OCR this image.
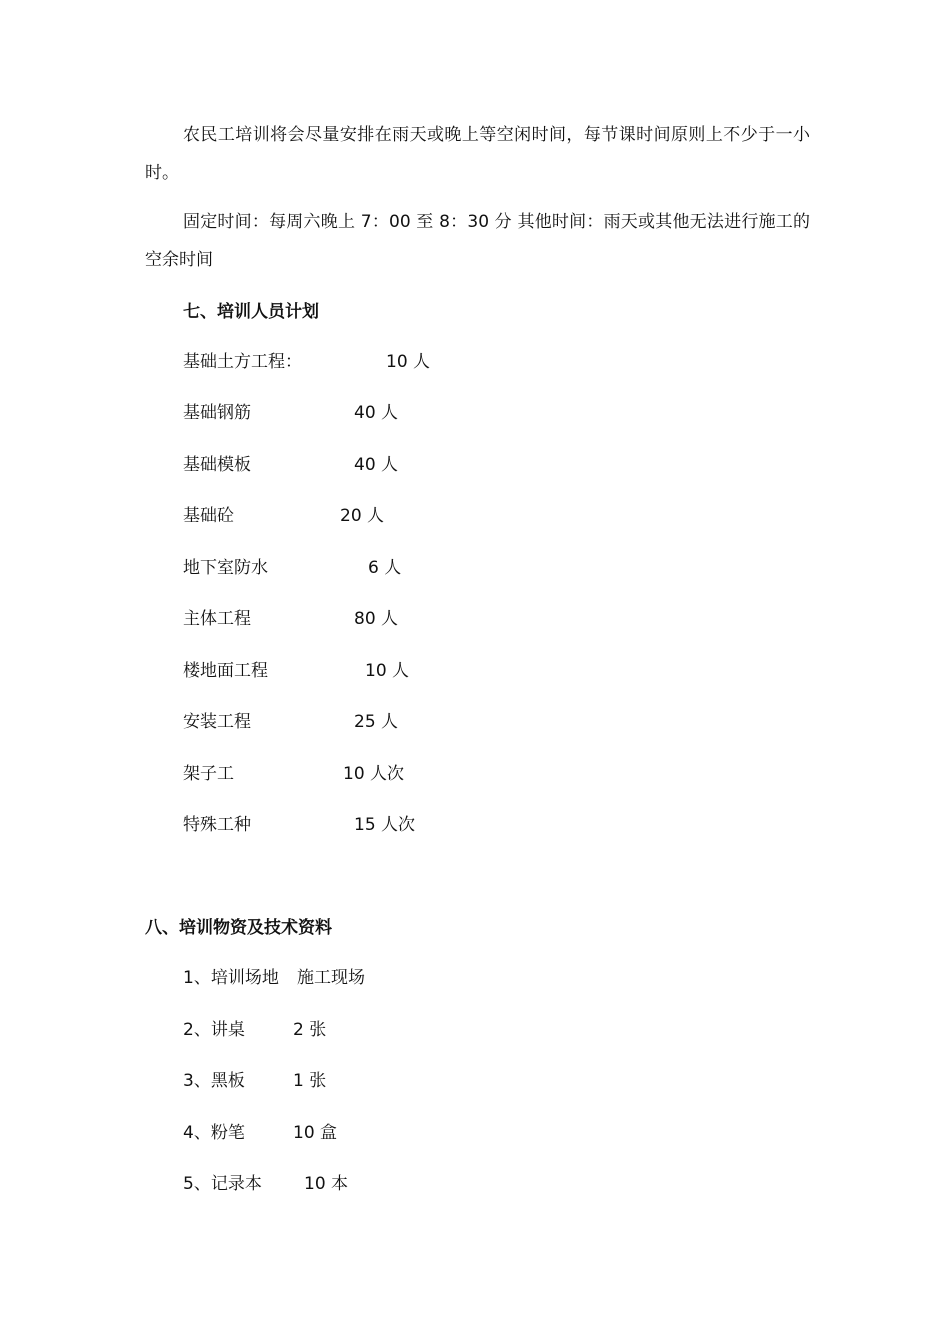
农民工培训将会尽量安排在雨天或晚上等空闲时间，每节课时间原则上不少于一小时。

固定时间：每周六晚上 7：00 至 8：30 分 其他时间：雨天或其他无法进行施工的空余时间

七、培训人员计划
基础土方工程：	10 人
基础钢筋	40 人
基础模板	40 人
基础砼	20 人
地下室防水	6 人
主体工程	80 人
楼地面工程	10 人
安装工程	25 人
架子工	10 人次
特殊工种	15 人次
八、培训物资及技术资料
1、培训场地 施工现场
2、讲桌	2 张
3、黑板	1 张
4、粉笔	10 盒
5、记录本 10 本
